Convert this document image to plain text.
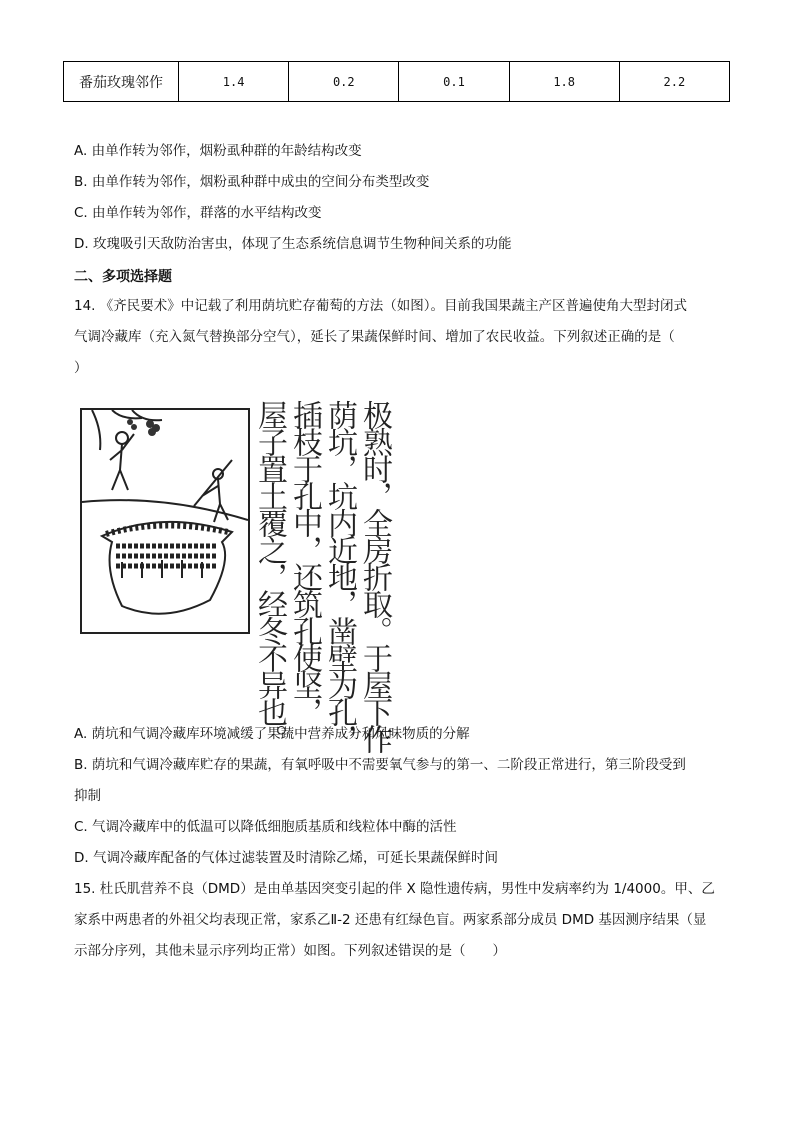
番茄玫瑰邻作	1.4	0.2	0.1	1.8	2.2
A. 由单作转为邻作，烟粉虱种群的年龄结构改变
B. 由单作转为邻作，烟粉虱种群中成虫的空间分布类型改变
C. 由单作转为邻作，群落的水平结构改变
D. 玫瑰吸引天敌防治害虫，体现了生态系统信息调节生物种间关系的功能
二、多项选择题
14. 《齐民要术》中记载了利用荫坑贮存葡萄的方法（如图）。目前我国果蔬主产区普遍使角大型封闭式
气调冷藏库（充入氮气替换部分空气），延长了果蔬保鲜时间、增加了农民收益。下列叙述正确的是（
）
极熟时，全房折取。于屋下作
荫坑，坑内近地，凿壁为孔，
插枝于孔中，还筑孔使坚，
屋子置土覆之，经冬不异也。
A. 荫坑和气调冷藏库环境减缓了果蔬中营养成分和风味物质的分解
B. 荫坑和气调冷藏库贮存的果蔬，有氧呼吸中不需要氧气参与的第一、二阶段正常进行，第三阶段受到
抑制
C. 气调冷藏库中的低温可以降低细胞质基质和线粒体中酶的活性
D. 气调冷藏库配备的气体过滤装置及时清除乙烯，可延长果蔬保鲜时间
15. 杜氏肌营养不良（DMD）是由单基因突变引起的伴 X 隐性遗传病，男性中发病率约为 1/4000。甲、乙
家系中两患者的外祖父均表现正常，家系乙Ⅱ-2 还患有红绿色盲。两家系部分成员 DMD 基因测序结果（显
示部分序列，其他未显示序列均正常）如图。下列叙述错误的是（　　）
